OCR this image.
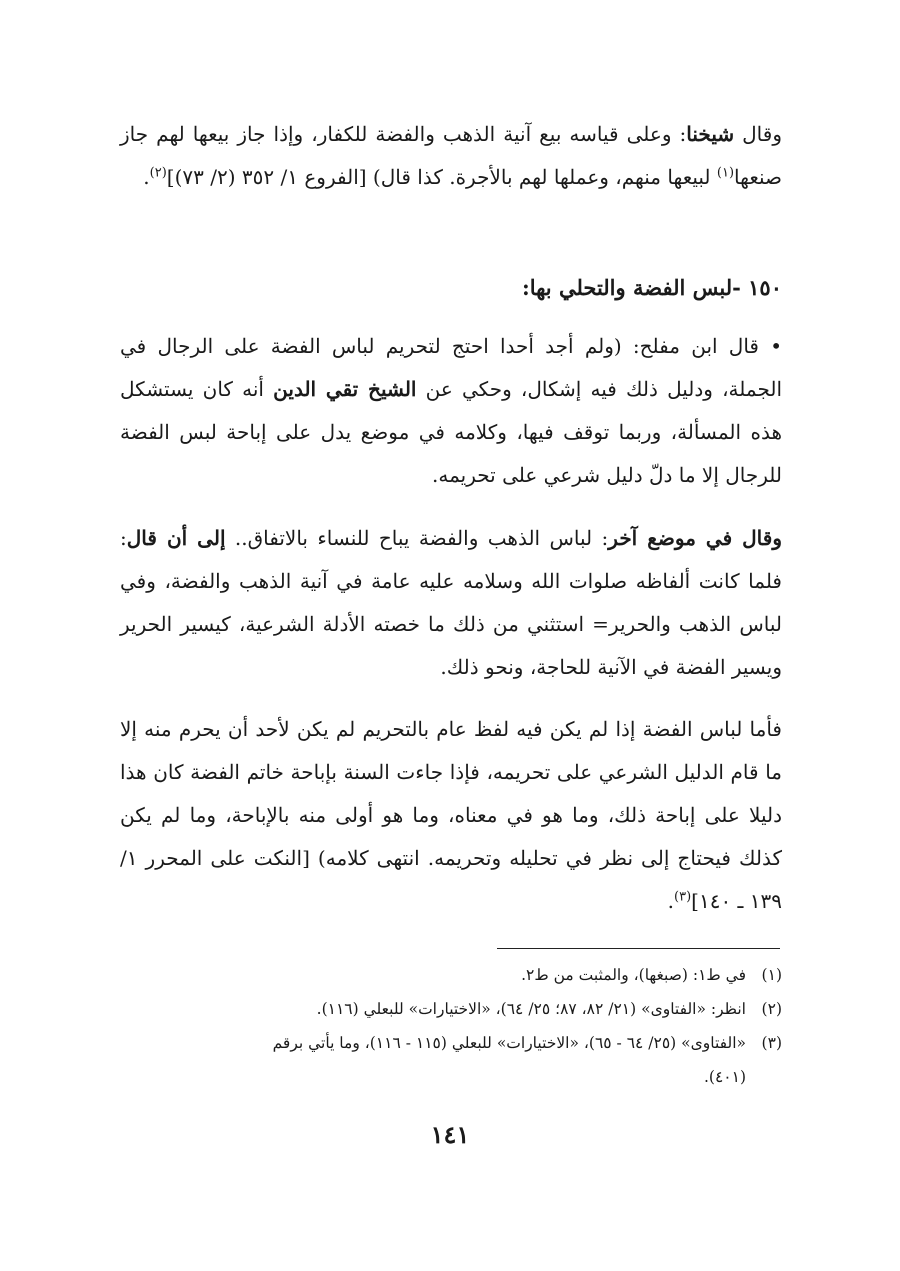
وقال شيخنا: وعلى قياسه بيع آنية الذهب والفضة للكفار، وإذا جاز بيعها لهم جاز صنعها$^{(١)}$ لبيعها منهم، وعملها لهم بالأجرة. كذا قال) [الفروع ١/ ٣٥٢ (٢/ ٧٣)]$^{(٢)}$.

١٥٠ -لبس الفضة والتحلي بها:

• قال ابن مفلح: (ولم أجد أحدا احتج لتحريم لباس الفضة على الرجال في الجملة، ودليل ذلك فيه إشكال، وحكي عن الشيخ تقي الدين أنه كان يستشكل هذه المسألة، وربما توقف فيها، وكلامه في موضع يدل على إباحة لبس الفضة للرجال إلا ما دلّ دليل شرعي على تحريمه.

وقال في موضع آخر: لباس الذهب والفضة يباح للنساء بالاتفاق.. إلى أن قال: فلما كانت ألفاظه صلوات الله وسلامه عليه عامة في آنية الذهب والفضة، وفي لباس الذهب والحرير= استثني من ذلك ما خصته الأدلة الشرعية، كيسير الحرير ويسير الفضة في الآنية للحاجة، ونحو ذلك.

فأما لباس الفضة إذا لم يكن فيه لفظ عام بالتحريم لم يكن لأحد أن يحرم منه إلا ما قام الدليل الشرعي على تحريمه، فإذا جاءت السنة بإباحة خاتم الفضة كان هذا دليلا على إباحة ذلك، وما هو في معناه، وما هو أولى منه بالإباحة، وما لم يكن كذلك فيحتاج إلى نظر في تحليله وتحريمه. انتهى كلامه) [النكت على المحرر ١/ ١٣٩ ـ ١٤٠]$^{(٣)}$.

(١)في ط١: (صبغها)، والمثبت من ط٢.
(٢)انظر: «الفتاوى» (٢١/ ٨٢، ٨٧؛ ٢٥/ ٦٤)، «الاختيارات» للبعلي (١١٦).
(٣)«الفتاوى» (٢٥/ ٦٤ - ٦٥)، «الاختيارات» للبعلي (١١٥ - ١١٦)، وما يأتي برقم
(٤٠١).
١٤١
